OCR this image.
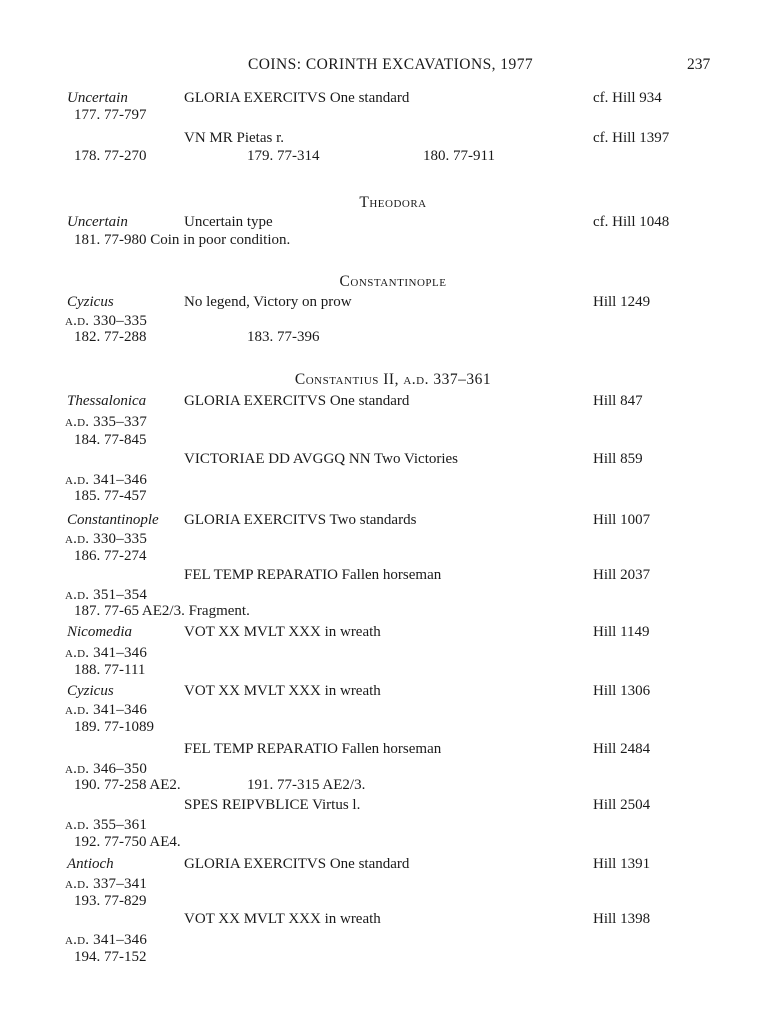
COINS: CORINTH EXCAVATIONS, 1977	237
Uncertain	GLORIA EXERCITVS One standard	cf. Hill 934
177. 77-797
VN MR Pietas r.	cf. Hill 1397
178. 77-270	179. 77-314	180. 77-911
Theodora
Uncertain	Uncertain type	cf. Hill 1048
181. 77-980 Coin in poor condition.
Constantinople
Cyzicus	No legend, Victory on prow	Hill 1249
a.d. 330–335
182. 77-288	183. 77-396
Constantius II, a.d. 337–361
Thessalonica	GLORIA EXERCITVS One standard	Hill 847
a.d. 335–337
184. 77-845
VICTORIAE DD AVGGQ NN Two Victories	Hill 859
a.d. 341–346
185. 77-457
Constantinople GLORIA EXERCITVS Two standards	Hill 1007
a.d. 330–335
186. 77-274
FEL TEMP REPARATIO Fallen horseman	Hill 2037
a.d. 351–354
187. 77-65 AE2/3. Fragment.
Nicomedia	VOT XX MVLT XXX in wreath	Hill 1149
a.d. 341–346
188. 77-111
Cyzicus	VOT XX MVLT XXX in wreath	Hill 1306
a.d. 341–346
189. 77-1089
FEL TEMP REPARATIO Fallen horseman	Hill 2484
a.d. 346–350
190. 77-258 AE2.	191. 77-315 AE2/3.
SPES REIPVBLICE Virtus l.	Hill 2504
a.d. 355–361
192. 77-750 AE4.
Antioch	GLORIA EXERCITVS One standard	Hill 1391
a.d. 337–341
193. 77-829
VOT XX MVLT XXX in wreath	Hill 1398
a.d. 341–346
194. 77-152
